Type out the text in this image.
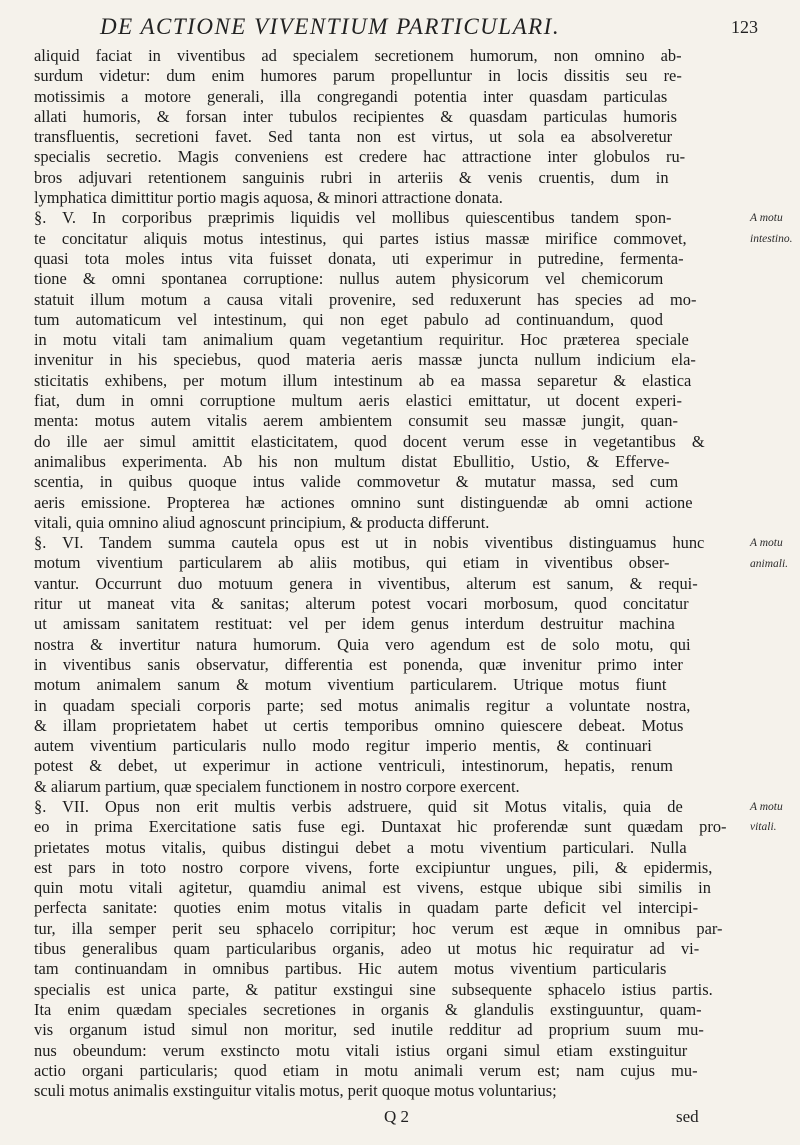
DE ACTIONE VIVENTIUM PARTICULARI.	123
aliquid faciat in viventibus ad specialem secretionem humorum, non omnino ab-
surdum videtur: dum enim humores parum propelluntur in locis dissitis seu re-
motissimis a motore generali, illa congregandi potentia inter quasdam particulas
allati humoris, & forsan inter tubulos recipientes & quasdam particulas humoris
transfluentis, secretioni favet. Sed tanta non est virtus, ut sola ea absolveretur
specialis secretio. Magis conveniens est credere hac attractione inter globulos ru-
bros adjuvari retentionem sanguinis rubri in arteriis & venis cruentis, dum in
lymphatica dimittitur portio magis aquosa, & minori attractione donata.
§. V. In corporibus præprimis liquidis vel mollibus quiescentibus tandem spon-
te concitatur aliquis motus intestinus, qui partes istius massæ mirifice commovet,
quasi tota moles intus vita fuisset donata, uti experimur in putredine, fermenta-
tione & omni spontanea corruptione: nullus autem physicorum vel chemicorum
statuit illum motum a causa vitali provenire, sed reduxerunt has species ad mo-
tum automaticum vel intestinum, qui non eget pabulo ad continuandum, quod
in motu vitali tam animalium quam vegetantium requiritur. Hoc præterea speciale
invenitur in his speciebus, quod materia aeris massæ juncta nullum indicium ela-
sticitatis exhibens, per motum illum intestinum ab ea massa separetur & elastica
fiat, dum in omni corruptione multum aeris elastici emittatur, ut docent experi-
menta: motus autem vitalis aerem ambientem consumit seu massæ jungit, quan-
do ille aer simul amittit elasticitatem, quod docent verum esse in vegetantibus &
animalibus experimenta. Ab his non multum distat Ebullitio, Ustio, & Efferve-
scentia, in quibus quoque intus valide commovetur & mutatur massa, sed cum
aeris emissione. Propterea hæ actiones omnino sunt distinguendæ ab omni actione
vitali, quia omnino aliud agnoscunt principium, & producta differunt.
§. VI. Tandem summa cautela opus est ut in nobis viventibus distinguamus hunc
motum viventium particularem ab aliis motibus, qui etiam in viventibus obser-
vantur. Occurrunt duo motuum genera in viventibus, alterum est sanum, & requi-
ritur ut maneat vita & sanitas; alterum potest vocari morbosum, quod concitatur
ut amissam sanitatem restituat: vel per idem genus interdum destruitur machina
nostra & invertitur natura humorum. Quia vero agendum est de solo motu, qui
in viventibus sanis observatur, differentia est ponenda, quæ invenitur primo inter
motum animalem sanum & motum viventium particularem. Utrique motus fiunt
in quadam speciali corporis parte; sed motus animalis regitur a voluntate nostra,
& illam proprietatem habet ut certis temporibus omnino quiescere debeat. Motus
autem viventium particularis nullo modo regitur imperio mentis, & continuari
potest & debet, ut experimur in actione ventriculi, intestinorum, hepatis, renum
& aliarum partium, quæ specialem functionem in nostro corpore exercent.
§. VII. Opus non erit multis verbis adstruere, quid sit Motus vitalis, quia de
eo in prima Exercitatione satis fuse egi. Duntaxat hic proferendæ sunt quædam pro-
prietates motus vitalis, quibus distingui debet a motu viventium particulari. Nulla
est pars in toto nostro corpore vivens, forte excipiuntur ungues, pili, & epidermis,
quin motu vitali agitetur, quamdiu animal est vivens, estque ubique sibi similis in
perfecta sanitate: quoties enim motus vitalis in quadam parte deficit vel intercipi-
tur, illa semper perit seu sphacelo corripitur; hoc verum est æque in omnibus par-
tibus generalibus quam particularibus organis, adeo ut motus hic requiratur ad vi-
tam continuandam in omnibus partibus. Hic autem motus viventium particularis
specialis est unica parte, & patitur exstingui sine subsequente sphacelo istius partis.
Ita enim quædam speciales secretiones in organis & glandulis exstinguuntur, quam-
vis organum istud simul non moritur, sed inutile redditur ad proprium suum mu-
nus obeundum: verum exstincto motu vitali istius organi simul etiam exstinguitur
actio organi particularis; quod etiam in motu animali verum est; nam cujus mu-
sculi motus animalis exstinguitur vitalis motus, perit quoque motus voluntarius;
A motu
intestino.
A motu
animali.
A motu
vitali.
Q 2	sed
